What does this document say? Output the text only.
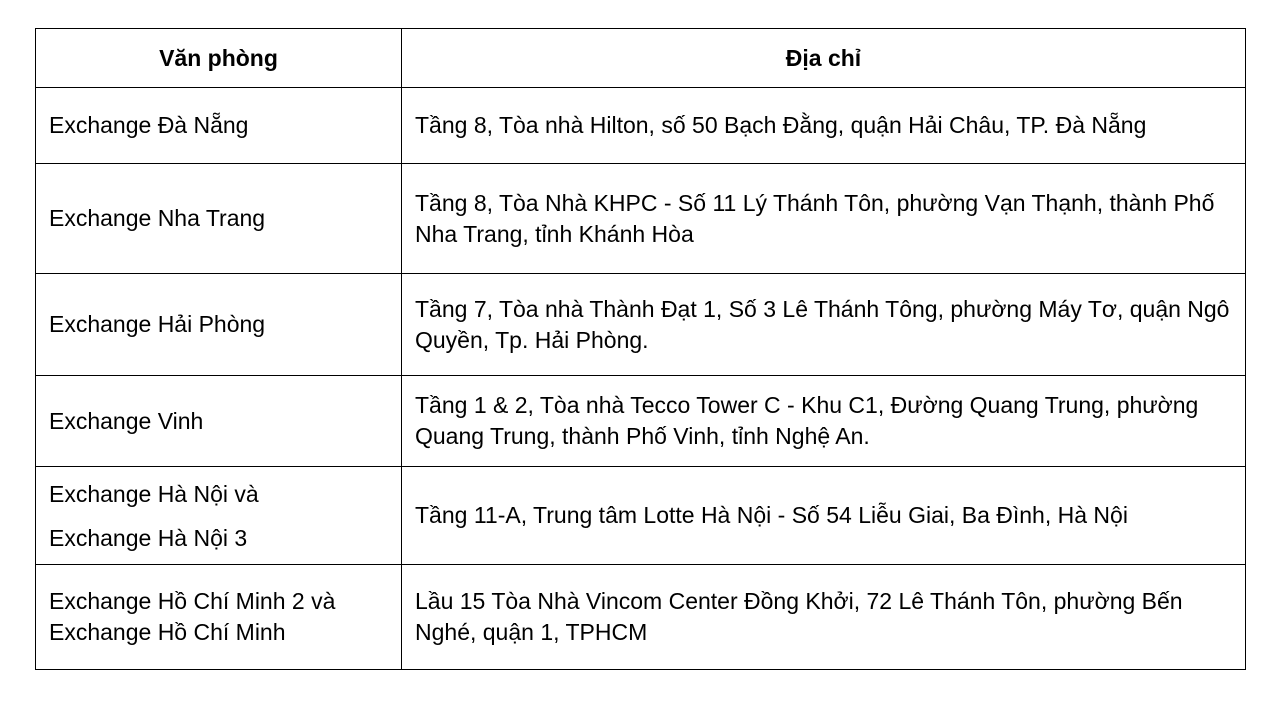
Văn phòng	Địa chỉ

Exchange Đà Nẵng	Tầng 8, Tòa nhà Hilton, số 50 Bạch Đằng, quận Hải Châu, TP. Đà Nẵng

Exchange Nha Trang	Tầng 8, Tòa Nhà KHPC - Số 11 Lý Thánh Tôn, phường Vạn Thạnh, thành Phố Nha Trang, tỉnh Khánh Hòa

Exchange Hải Phòng	Tầng 7, Tòa nhà Thành Đạt 1, Số 3 Lê Thánh Tông, phường Máy Tơ, quận Ngô Quyền, Tp. Hải Phòng.

Exchange Vinh	Tầng 1 & 2, Tòa nhà Tecco Tower C - Khu C1, Đường Quang Trung, phường Quang Trung, thành Phố Vinh, tỉnh Nghệ An.

Exchange Hà Nội và
Exchange Hà Nội 3	Tầng 11-A, Trung tâm Lotte Hà Nội - Số 54 Liễu Giai, Ba Đình, Hà Nội

Exchange Hồ Chí Minh 2 và
Exchange Hồ Chí Minh	Lầu 15 Tòa Nhà Vincom Center Đồng Khởi, 72 Lê Thánh Tôn, phường Bến Nghé, quận 1, TPHCM
